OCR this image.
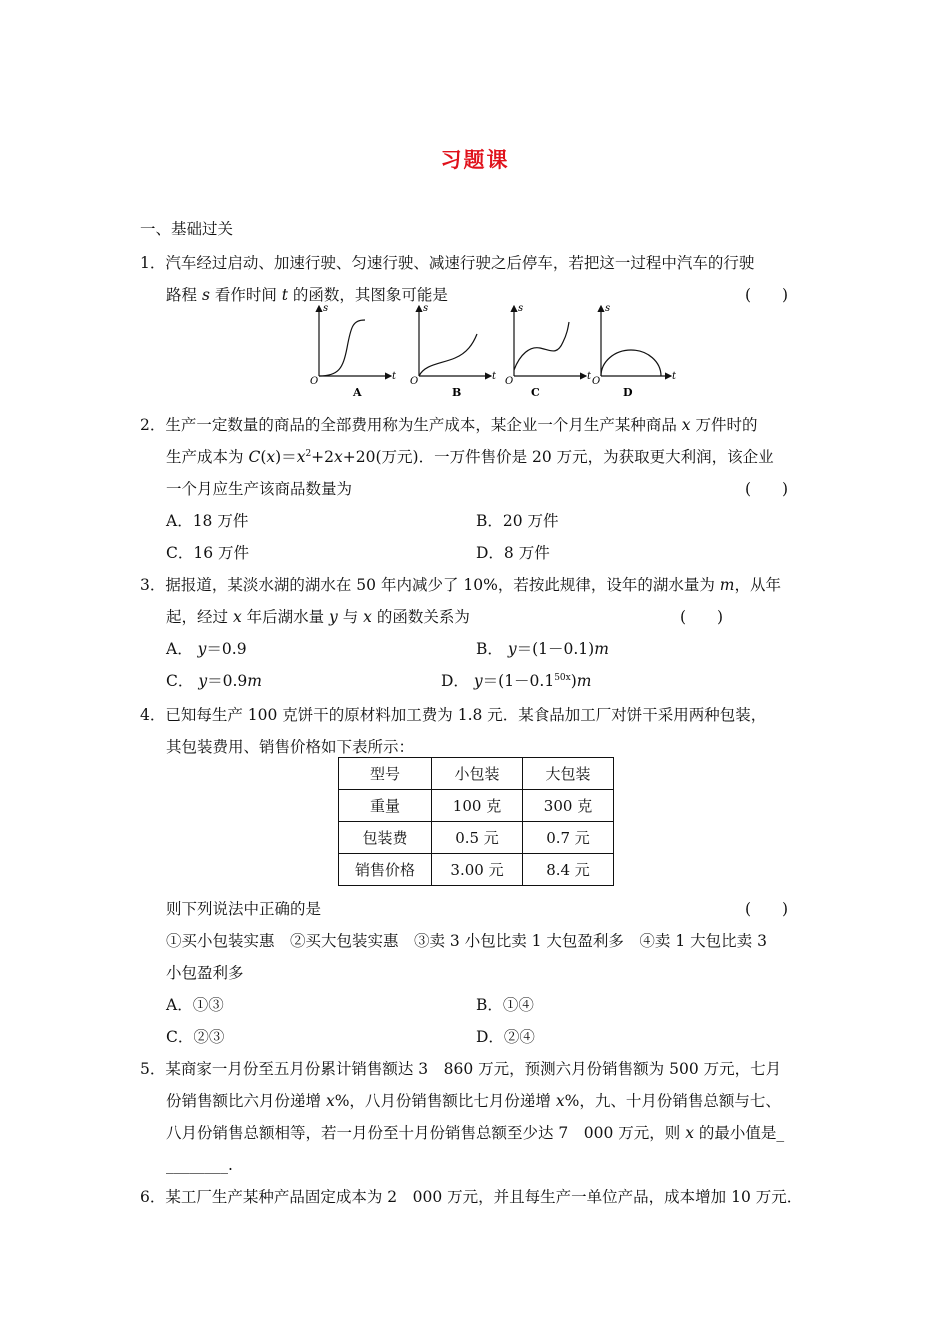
习题课
一、基础过关
1．汽车经过启动、加速行驶、匀速行驶、减速行驶之后停车，若把这一过程中汽车的行驶
路程 s 看作时间 t 的函数，其图象可能是	(　　)
s
t
O
A
s
t
O
B
s
t
O
C
s
t
O
D
2．生产一定数量的商品的全部费用称为生产成本，某企业一个月生产某种商品 x 万件时的
生产成本为 $C(x)=x^2+2x+20$(万元)．一万件售价是 20 万元，为获取更大利润，该企业
一个月应生产该商品数量为	(　　)
A．18 万件	B．20 万件
C．16 万件	D．8 万件
3．据报道，某淡水湖的湖水在 50 年内减少了 10%，若按此规律，设年的湖水量为 m，从年
起，经过 x 年后湖水量 y 与 x 的函数关系为	(　　)
A． y＝0.9	B． y＝(1－0.1)m
C． y＝0.9m	D． $y=(1-0.1^{50x})m$
4．已知每生产 100 克饼干的原材料加工费为 1.8 元．某食品加工厂对饼干采用两种包装，
其包装费用、销售价格如下表所示：
型号	小包装	大包装
重量	100 克	300 克
包装费	0.5 元	0.7 元
销售价格	3.00 元	8.4 元
则下列说法中正确的是	(　　)
①买小包装实惠　②买大包装实惠　③卖 3 小包比卖 1 大包盈利多　④卖 1 大包比卖 3
小包盈利多
A．①③	B．①④
C．②③	D．②④
5．某商家一月份至五月份累计销售额达 3　860 万元，预测六月份销售额为 500 万元，七月
份销售额比六月份递增 x%，八月份销售额比七月份递增 x%，九、十月份销售总额与七、
八月份销售总额相等，若一月份至十月份销售总额至少达 7　000 万元，则 x 的最小值是_
________.
6．某工厂生产某种产品固定成本为 2　000 万元，并且每生产一单位产品，成本增加 10 万元．
